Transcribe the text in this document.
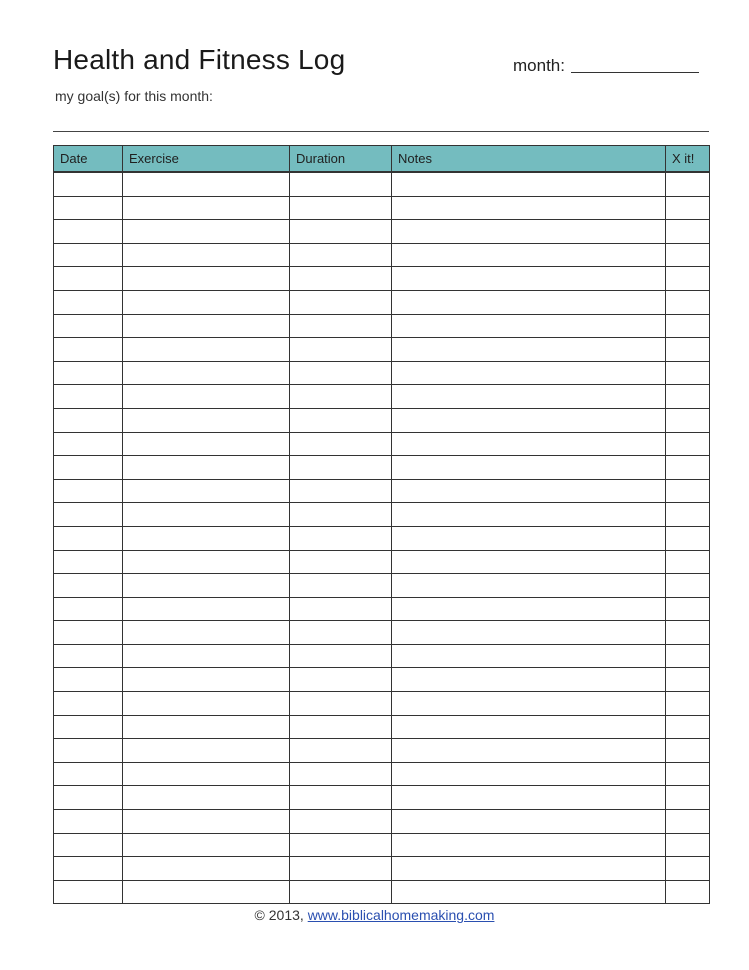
Health and Fitness Log	month:
my goal(s) for this month:
Date	Exercise	Duration	Notes	X it!

© 2013, www.biblicalhomemaking.com
